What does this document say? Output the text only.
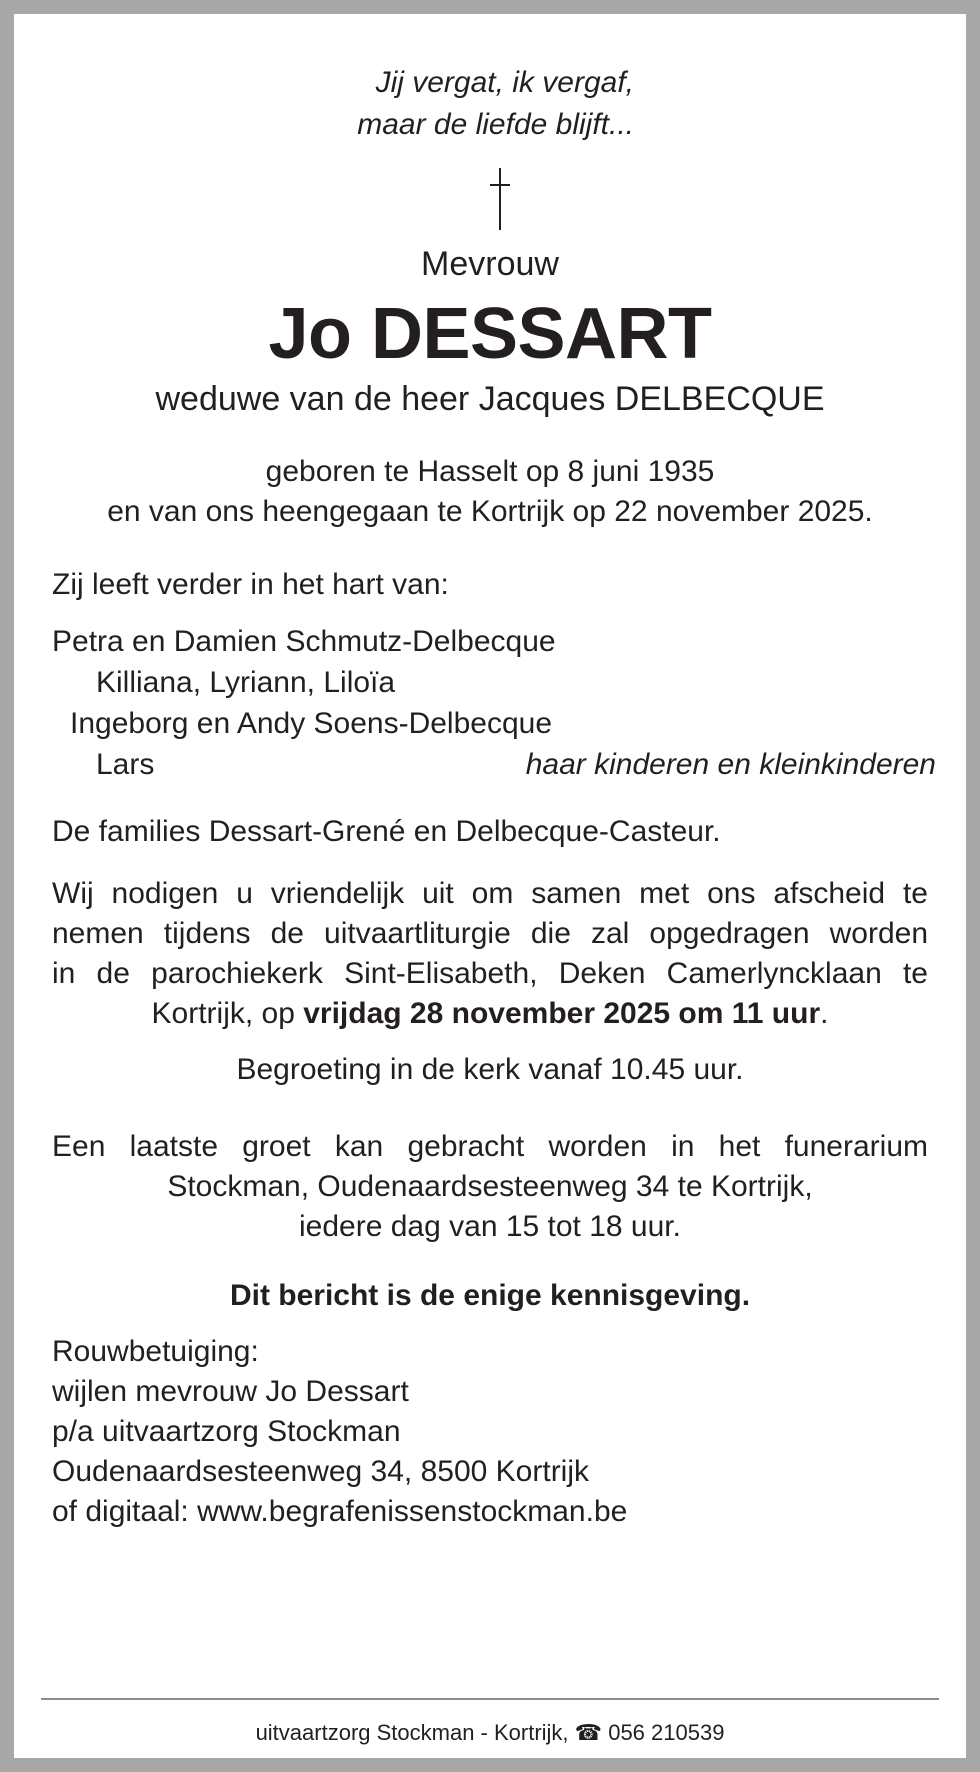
Jij vergat, ik vergaf,
maar de liefde blijft...
Mevrouw
Jo DESSART
weduwe van de heer Jacques DELBECQUE
geboren te Hasselt op 8 juni 1935
en van ons heengegaan te Kortrijk op 22 november 2025.
Zij leeft verder in het hart van:
Petra en Damien Schmutz-Delbecque
Killiana, Lyriann, Liloïa
Ingeborg en Andy Soens-Delbecque
Lars	haar kinderen en kleinkinderen
De families Dessart-Grené en Delbecque-Casteur.
Wij nodigen u vriendelijk uit om samen met ons afscheid te
nemen tijdens de uitvaartliturgie die zal opgedragen worden
in de parochiekerk Sint-Elisabeth, Deken Camerlyncklaan te
Kortrijk, op vrijdag 28 november 2025 om 11 uur.
Begroeting in de kerk vanaf 10.45 uur.
Een laatste groet kan gebracht worden in het funerarium
Stockman, Oudenaardsesteenweg 34 te Kortrijk,
iedere dag van 15 tot 18 uur.
Dit bericht is de enige kennisgeving.
Rouwbetuiging:
wijlen mevrouw Jo Dessart
p/a uitvaartzorg Stockman
Oudenaardsesteenweg 34, 8500 Kortrijk
of digitaal: www.begrafenissenstockman.be
uitvaartzorg Stockman - Kortrijk, ☎ 056 210539
